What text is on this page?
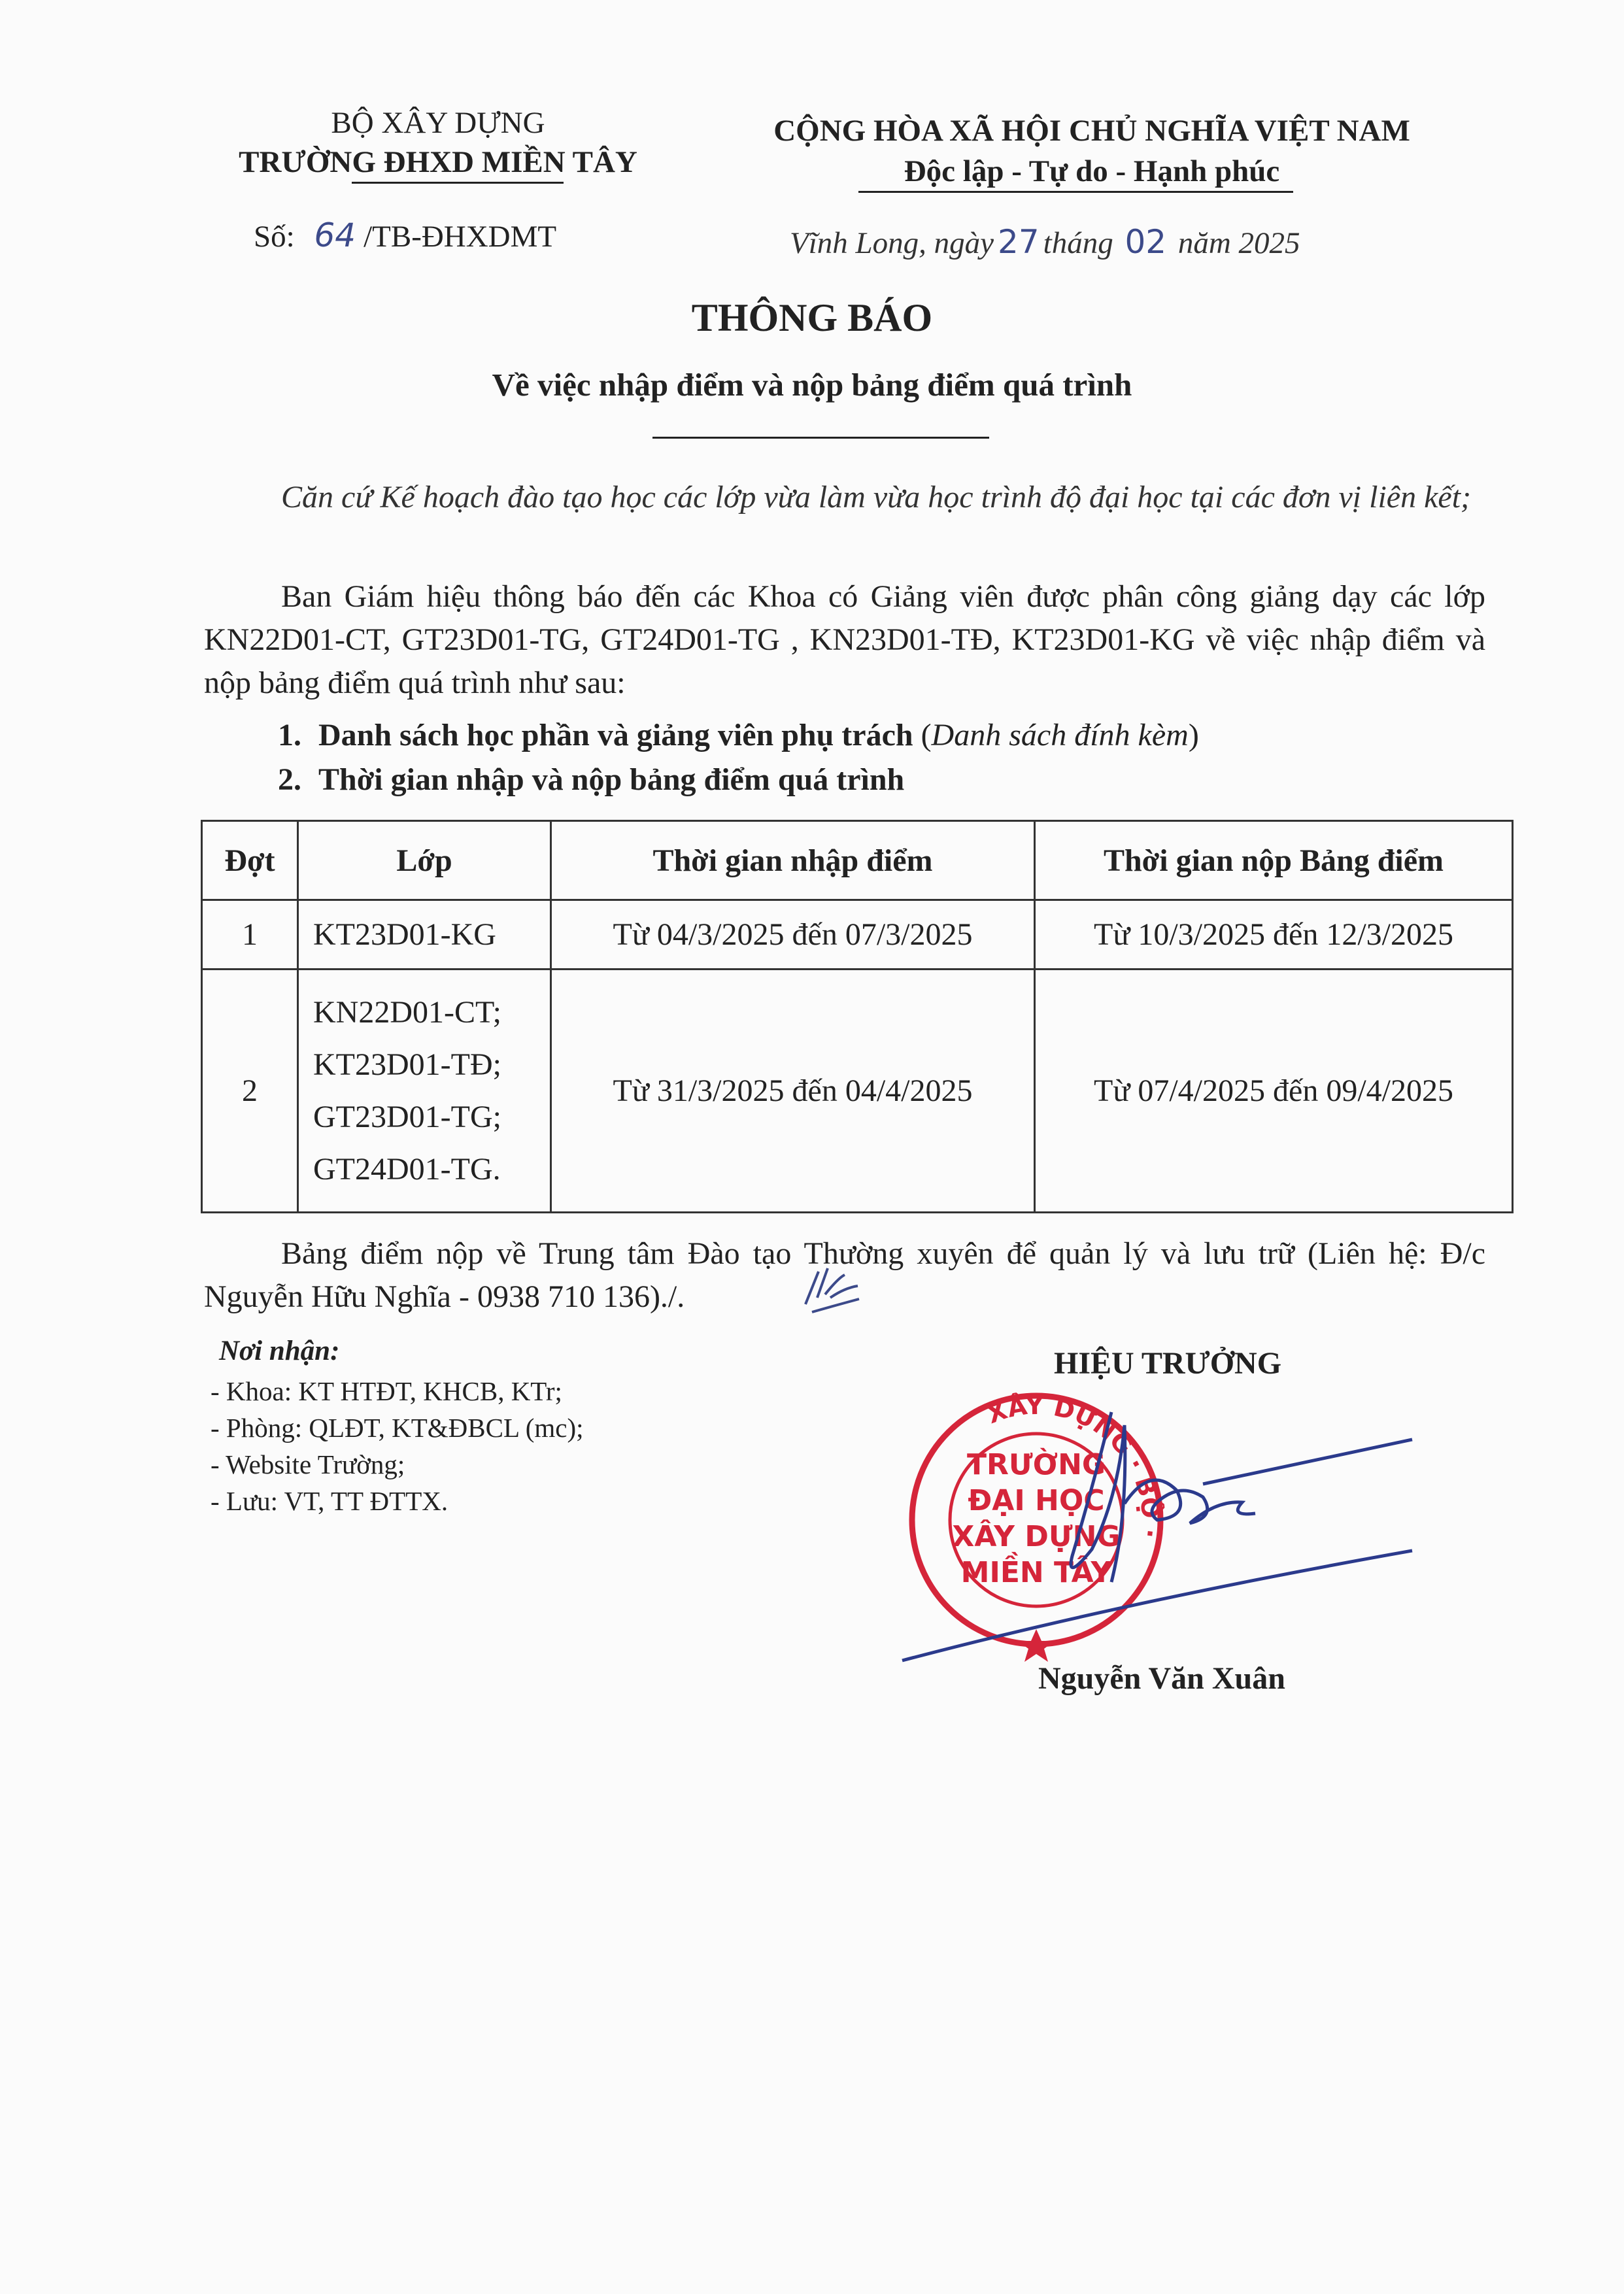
BỘ XÂY DỰNG
TRƯỜNG ĐHXD MIỀN TÂY
Số: 64 /TB-ĐHXDMT
CỘNG HÒA XÃ HỘI CHỦ NGHĨA VIỆT NAM
Độc lập - Tự do - Hạnh phúc
Vĩnh Long, ngày 27 tháng 02 năm 2025
THÔNG BÁO
Về việc nhập điểm và nộp bảng điểm quá trình
Căn cứ Kế hoạch đào tạo học các lớp vừa làm vừa học trình độ đại học tại các đơn vị liên kết;
Ban Giám hiệu thông báo đến các Khoa có Giảng viên được phân công giảng dạy các lớp KN22D01-CT, GT23D01-TG, GT24D01-TG , KN23D01-TĐ, KT23D01-KG về việc nhập điểm và nộp bảng điểm quá trình như sau:
1. Danh sách học phần và giảng viên phụ trách (Danh sách đính kèm)
2. Thời gian nhập và nộp bảng điểm quá trình
Đợt	Lớp	Thời gian nhập điểm	Thời gian nộp Bảng điểm
1	KT23D01-KG	Từ 04/3/2025 đến 07/3/2025	Từ 10/3/2025 đến 12/3/2025
2	KN22D01-CT;
KT23D01-TĐ;
GT23D01-TG;
GT24D01-TG.	Từ 31/3/2025 đến 04/4/2025	Từ 07/4/2025 đến 09/4/2025
Bảng điểm nộp về Trung tâm Đào tạo Thường xuyên để quản lý và lưu trữ (Liên hệ: Đ/c Nguyễn Hữu Nghĩa - 0938 710 136)./.
Nơi nhận:
- Khoa: KT HTĐT, KHCB, KTr;
- Phòng: QLĐT, KT&ĐBCL (mc);
- Website Trường;
- Lưu: VT, TT ĐTTX.
HIỆU TRƯỞNG
XÂY DỰNG · BỘ ·
TRƯỜNG
ĐẠI HỌC
XÂY DỰNG
MIỀN TÂY
Nguyễn Văn Xuân
